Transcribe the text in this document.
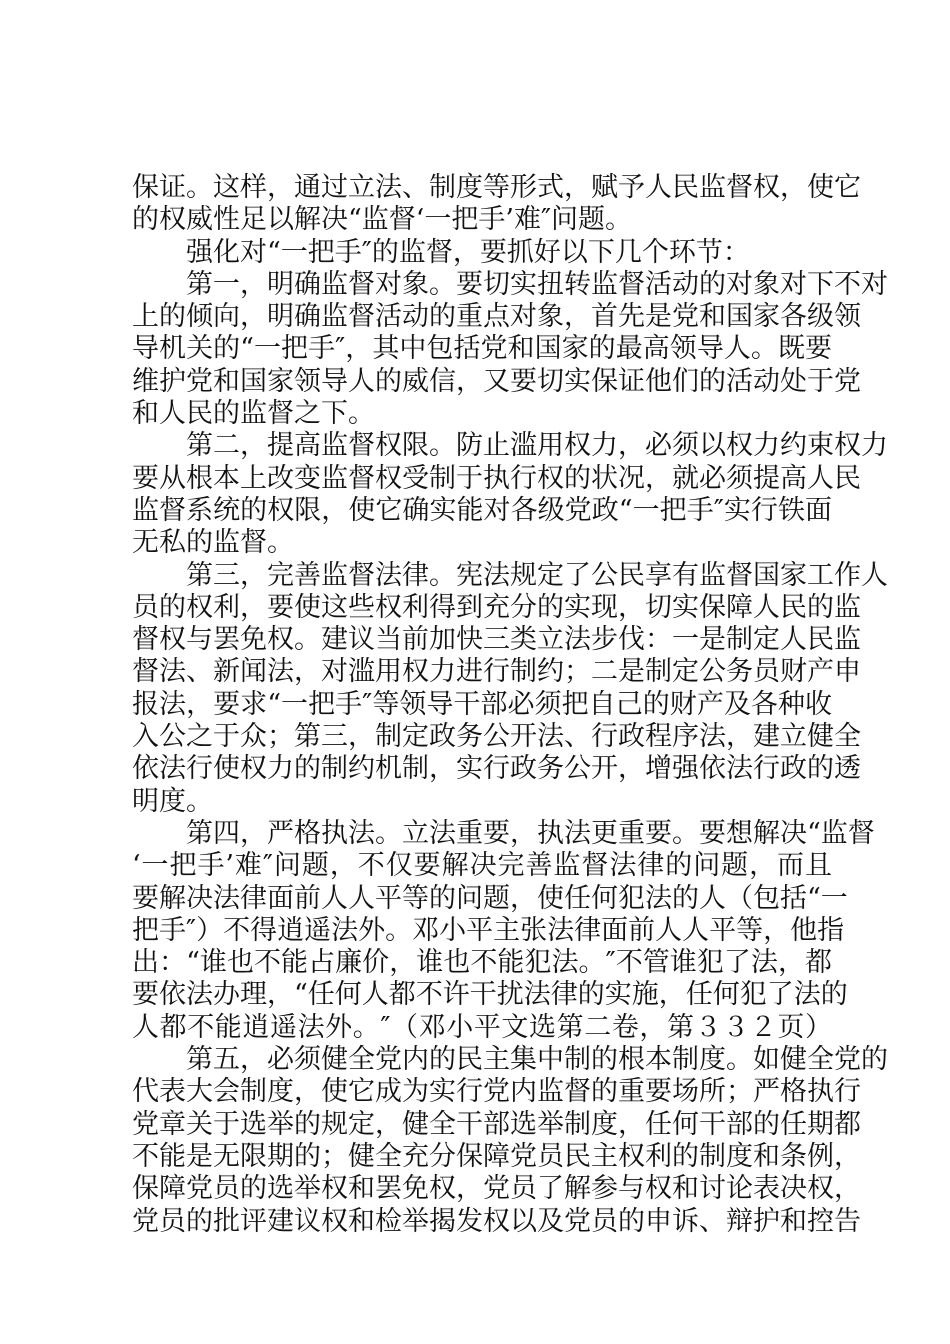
保证。这样，通过立法、制度等形式，赋予人民监督权，使它
的权威性足以解决“监督‘一把手’难″问题。
强化对“一把手″的监督，要抓好以下几个环节：
第一，明确监督对象。要切实扭转监督活动的对象对下不对
上的倾向，明确监督活动的重点对象，首先是党和国家各级领
导机关的“一把手″，其中包括党和国家的最高领导人。既要
维护党和国家领导人的威信，又要切实保证他们的活动处于党
和人民的监督之下。
第二，提高监督权限。防止滥用权力，必须以权力约束权力
要从根本上改变监督权受制于执行权的状况，就必须提高人民
监督系统的权限，使它确实能对各级党政“一把手″实行铁面
无私的监督。
第三，完善监督法律。宪法规定了公民享有监督国家工作人
员的权利，要使这些权利得到充分的实现，切实保障人民的监
督权与罢免权。建议当前加快三类立法步伐：一是制定人民监
督法、新闻法，对滥用权力进行制约；二是制定公务员财产申
报法，要求“一把手″等领导干部必须把自己的财产及各种收
入公之于众；第三，制定政务公开法、行政程序法，建立健全
依法行使权力的制约机制，实行政务公开，增强依法行政的透
明度。
第四，严格执法。立法重要，执法更重要。要想解决“监督
‘一把手’难″问题，不仅要解决完善监督法律的问题，而且
要解决法律面前人人平等的问题，使任何犯法的人（包括“一
把手″）不得逍遥法外。邓小平主张法律面前人人平等，他指
出：“谁也不能占廉价，谁也不能犯法。″不管谁犯了法，都
要依法办理，“任何人都不许干扰法律的实施，任何犯了法的
人都不能逍遥法外。″（邓小平文选第二卷，第３３２页）
第五，必须健全党内的民主集中制的根本制度。如健全党的
代表大会制度，使它成为实行党内监督的重要场所；严格执行
党章关于选举的规定，健全干部选举制度，任何干部的任期都
不能是无限期的；健全充分保障党员民主权利的制度和条例，
保障党员的选举权和罢免权，党员了解参与权和讨论表决权，
党员的批评建议权和检举揭发权以及党员的申诉、辩护和控告
